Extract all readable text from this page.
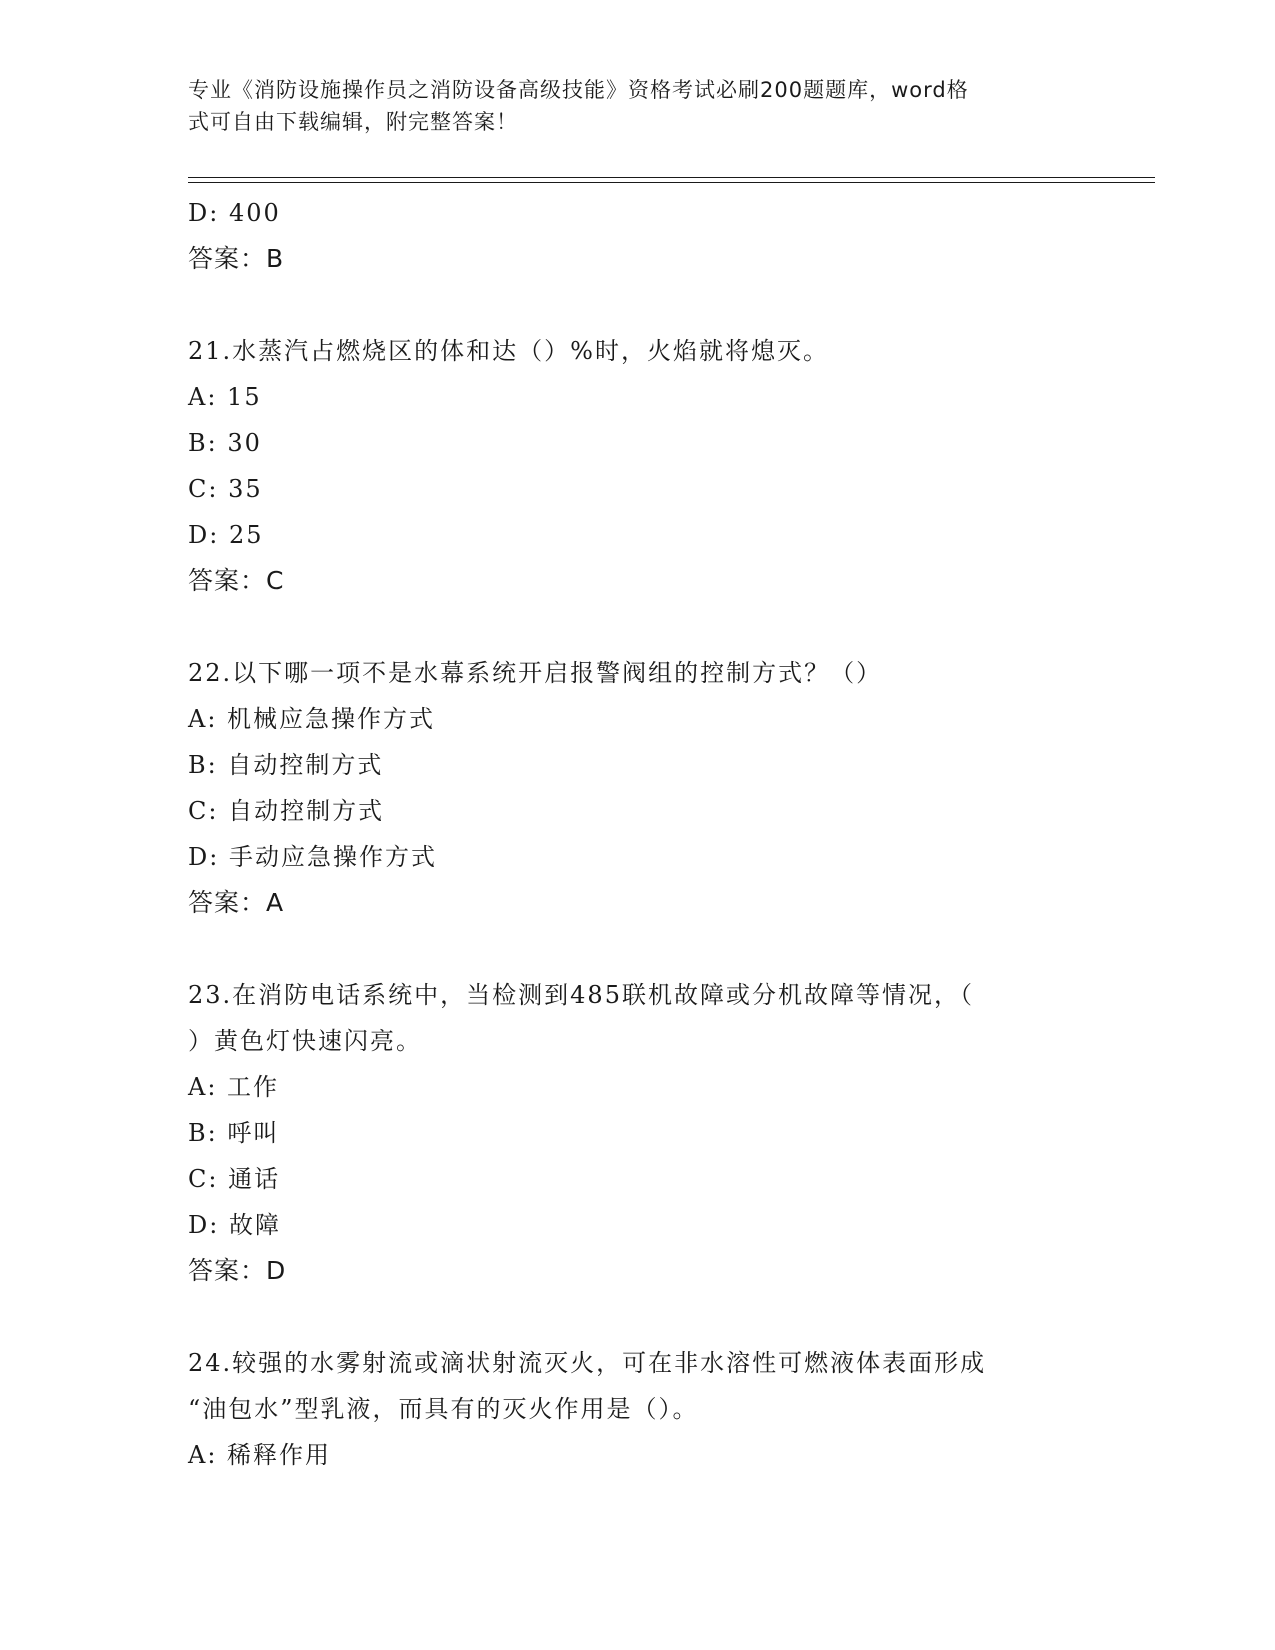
专业《消防设施操作员之消防设备高级技能》资格考试必刷200题题库，word格
式可自由下载编辑，附完整答案！
D: 400
答案：B
21.水蒸汽占燃烧区的体和达（）%时，火焰就将熄灭。
A: 15
B: 30
C: 35
D: 25
答案：C
22.以下哪一项不是水幕系统开启报警阀组的控制方式？（）
A: 机械应急操作方式
B: 自动控制方式
C: 自动控制方式
D: 手动应急操作方式
答案：A
23.在消防电话系统中，当检测到485联机故障或分机故障等情况，（
）黄色灯快速闪亮。
A: 工作
B: 呼叫
C: 通话
D: 故障
答案：D
24.较强的水雾射流或滴状射流灭火，可在非水溶性可燃液体表面形成
“油包水”型乳液，而具有的灭火作用是（）。
A: 稀释作用
